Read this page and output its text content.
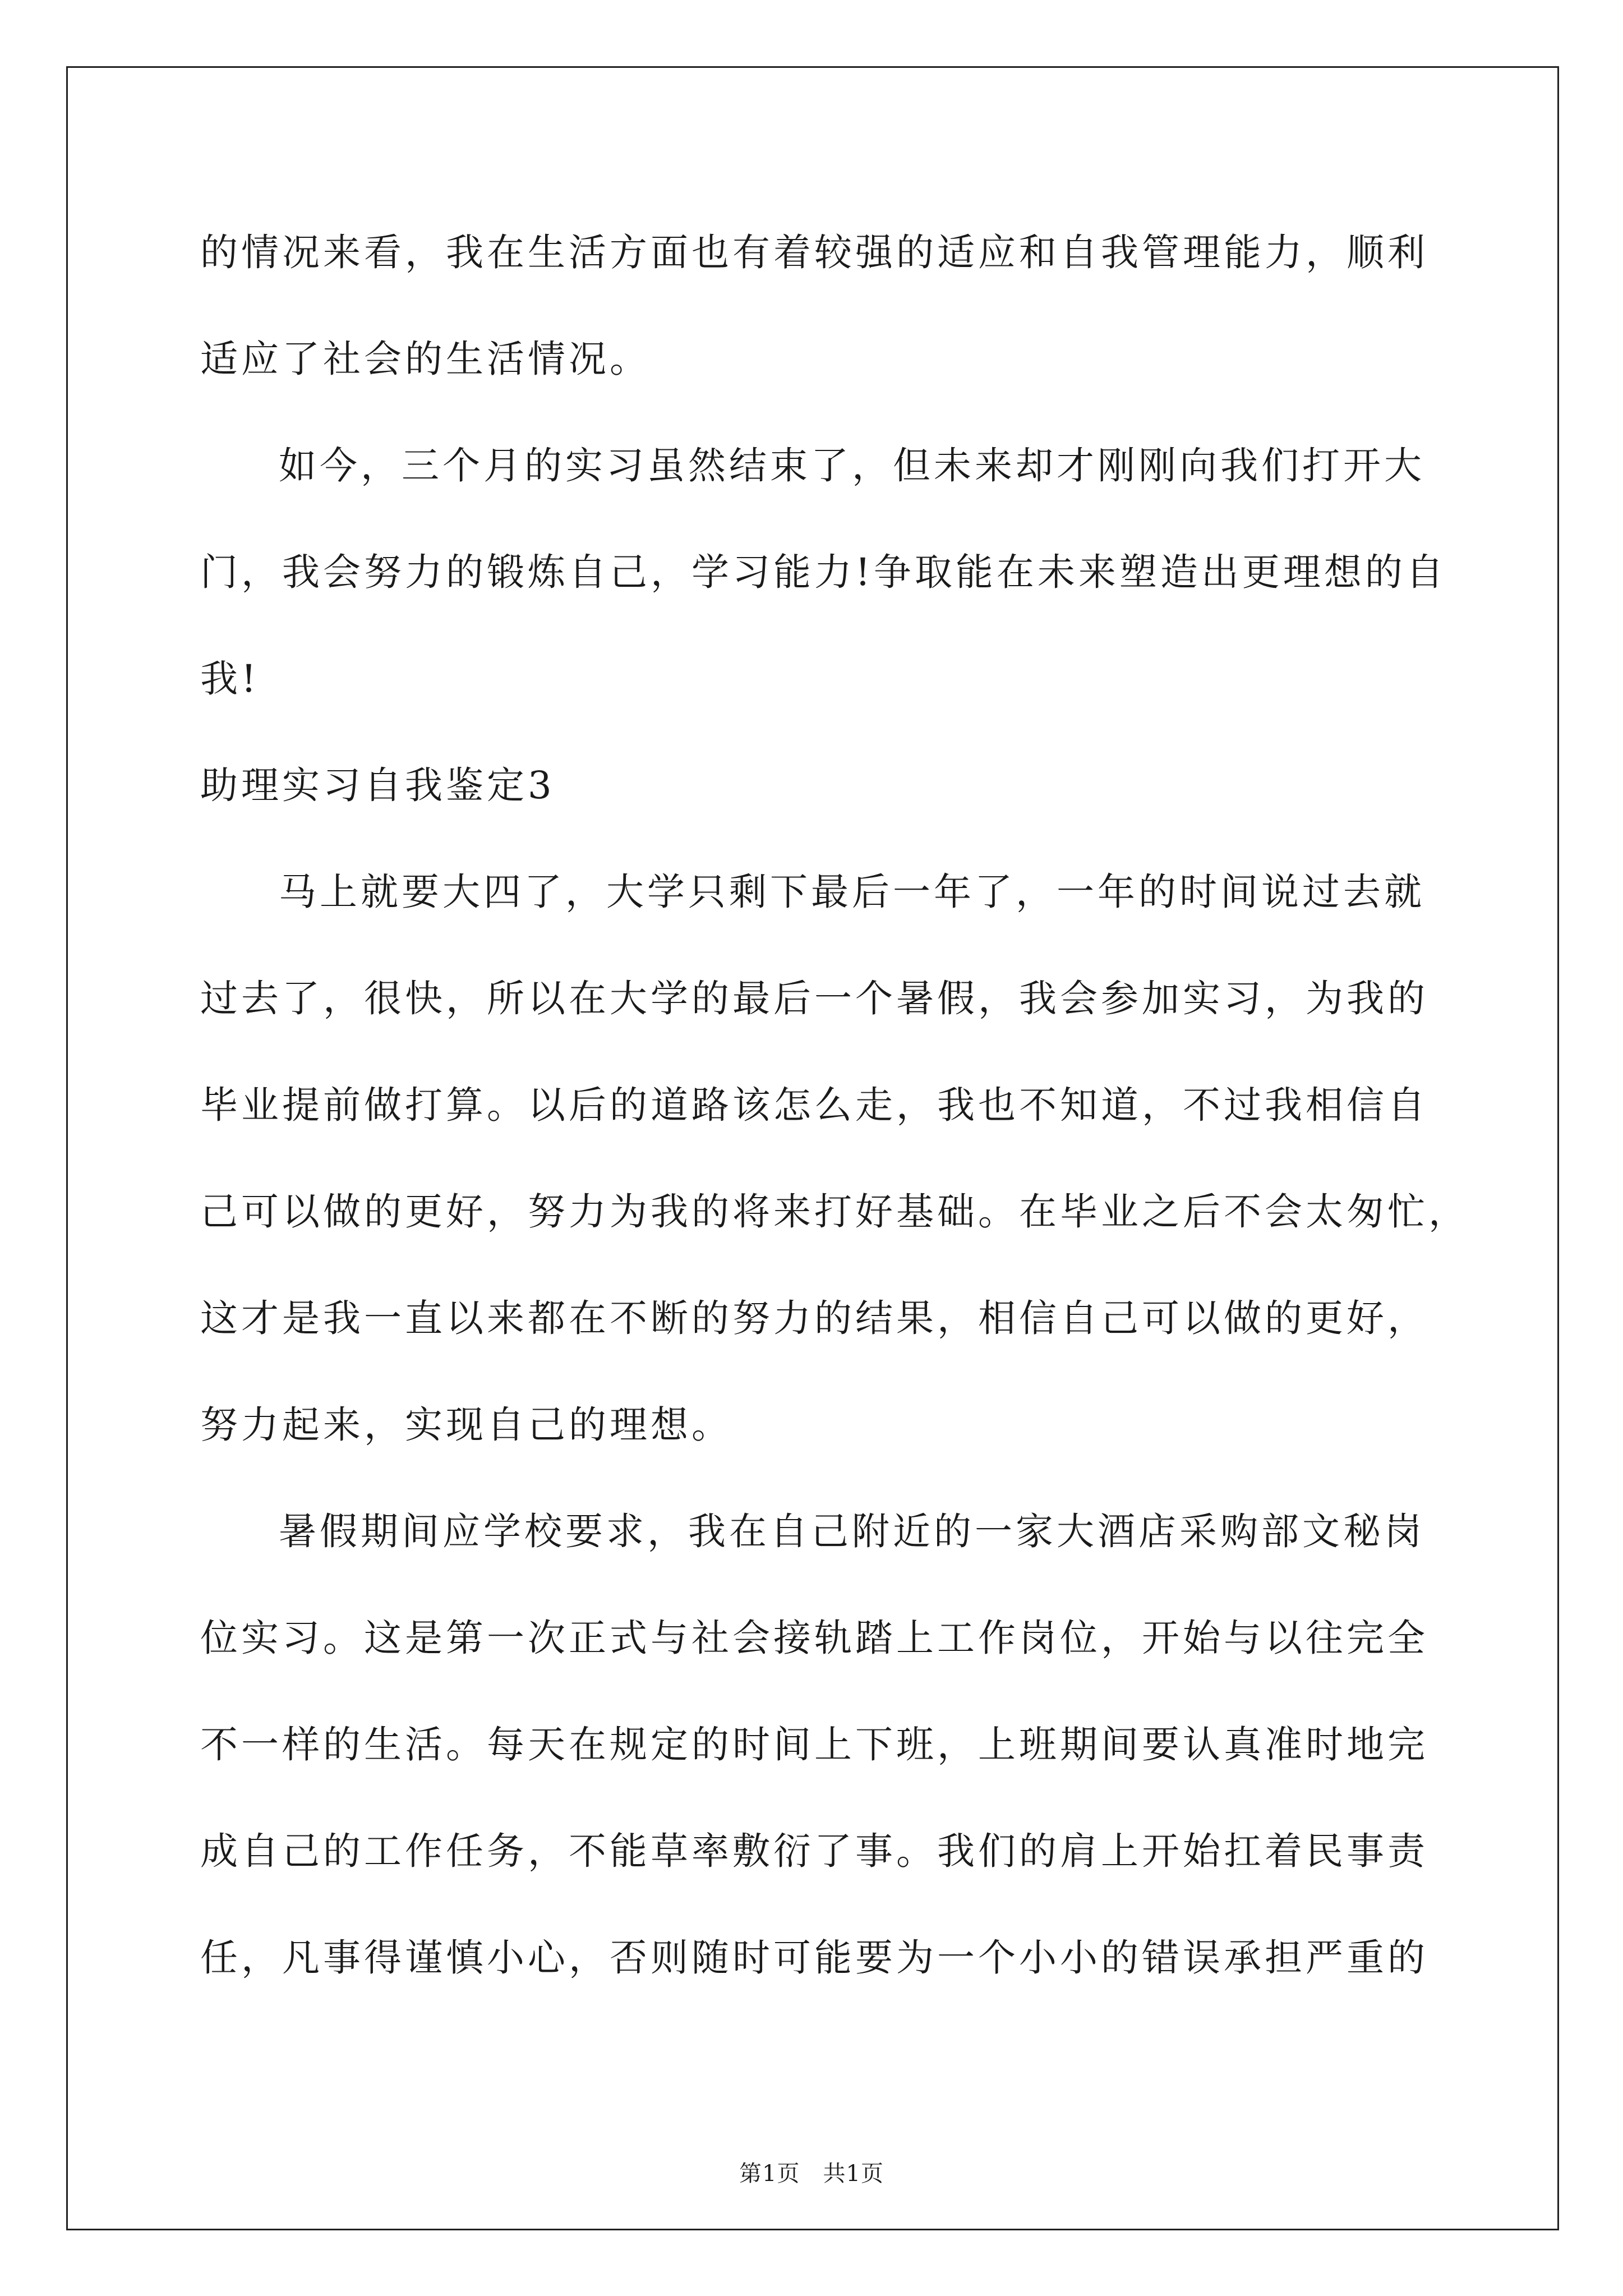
的情况来看，我在生活方面也有着较强的适应和自我管理能力，顺利
适应了社会的生活情况。
如今，三个月的实习虽然结束了，但未来却才刚刚向我们打开大
门，我会努力的锻炼自己，学习能力!争取能在未来塑造出更理想的自
我!
助理实习自我鉴定3
马上就要大四了，大学只剩下最后一年了，一年的时间说过去就
过去了，很快，所以在大学的最后一个暑假，我会参加实习，为我的
毕业提前做打算。以后的道路该怎么走，我也不知道，不过我相信自
己可以做的更好，努力为我的将来打好基础。在毕业之后不会太匆忙，
这才是我一直以来都在不断的努力的结果，相信自己可以做的更好，
努力起来，实现自己的理想。
暑假期间应学校要求，我在自己附近的一家大酒店采购部文秘岗
位实习。这是第一次正式与社会接轨踏上工作岗位，开始与以往完全
不一样的生活。每天在规定的时间上下班，上班期间要认真准时地完
成自己的工作任务，不能草率敷衍了事。我们的肩上开始扛着民事责
任，凡事得谨慎小心，否则随时可能要为一个小小的错误承担严重的
第1页　共1页
